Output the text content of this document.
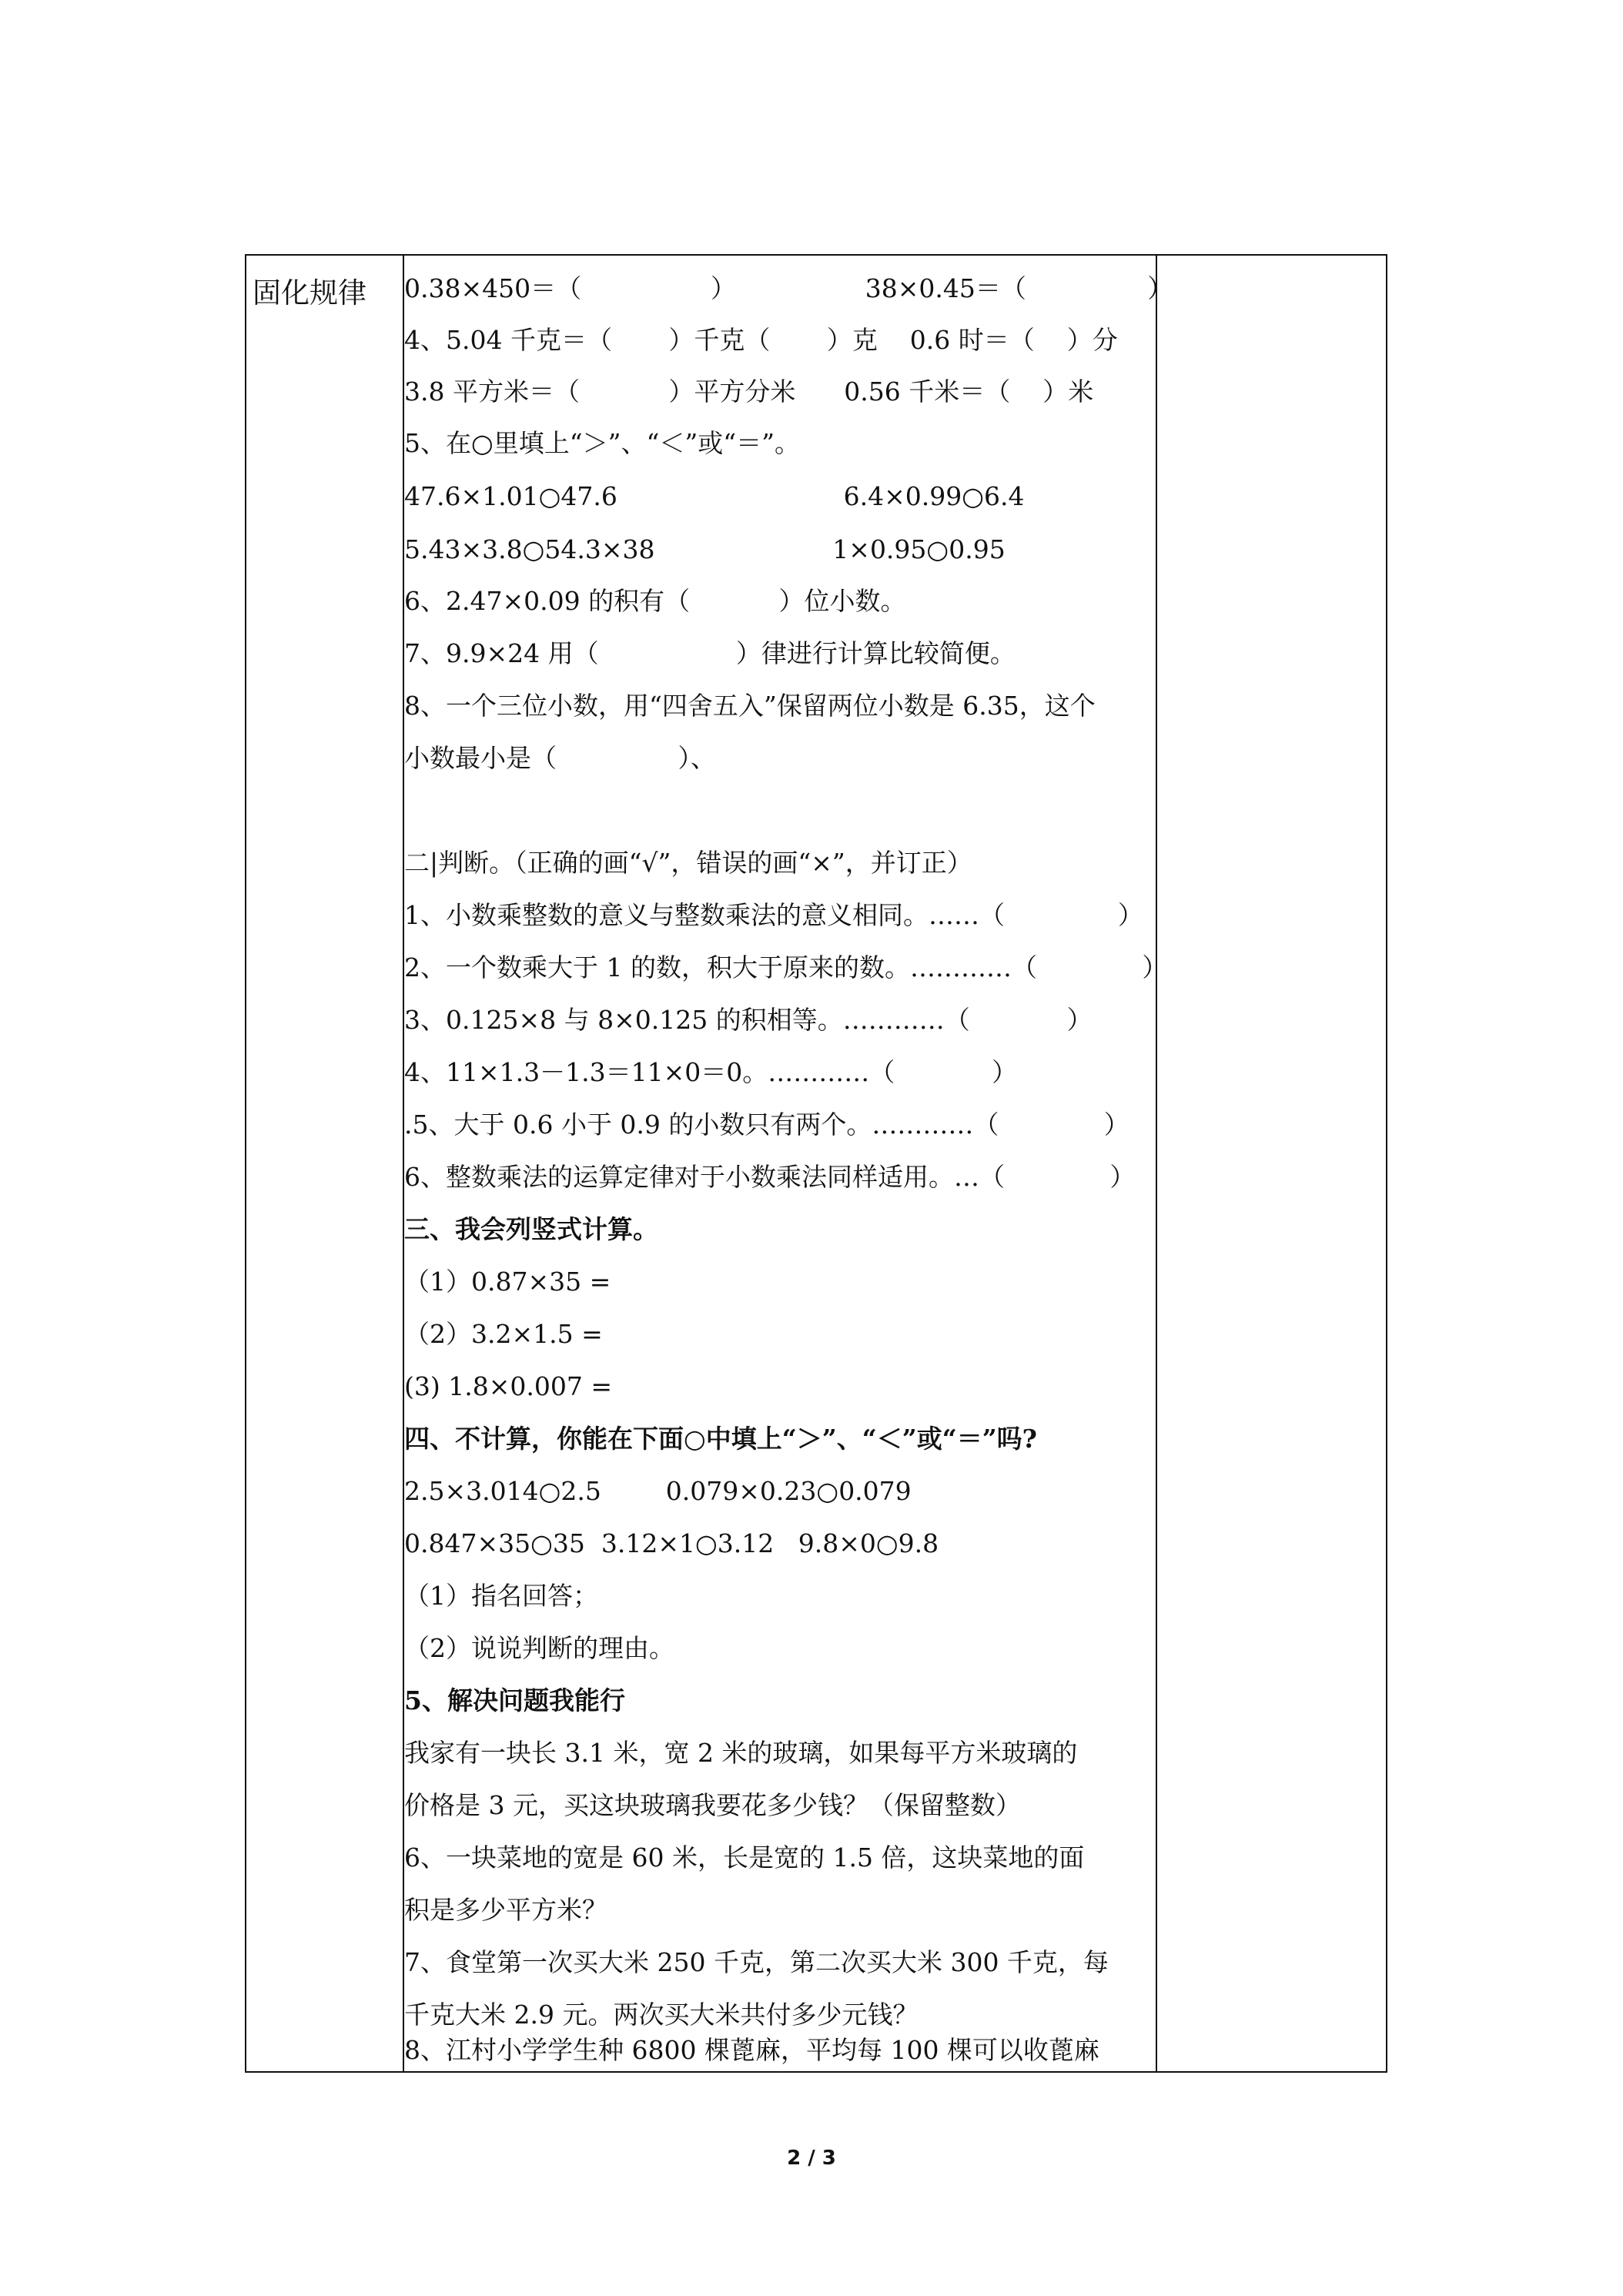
固化规律 0.38×450＝（                ）                38×0.45＝（               ）
4、5.04 千克＝（       ）千克（       ）克    0.6 时＝（    ）分
3.8 平方米＝（           ）平方分米      0.56 千米＝（    ）米
5、在○里填上“＞”、“＜”或“＝”。
47.6×1.01○47.6                            6.4×0.99○6.4
5.43×3.8○54.3×38                      1×0.95○0.95
6、2.47×0.09 的积有（           ）位小数。
7、9.9×24 用（                 ）律进行计算比较简便。
8、一个三位小数，用“四舍五入”保留两位小数是 6.35，这个
小数最小是（               ）、
二|判断。（正确的画“√”，错误的画“×”，并订正）
1、小数乘整数的意义与整数乘法的意义相同。……（              ）
2、一个数乘大于 1 的数，积大于原来的数。…………（             ）
3、0.125×8 与 8×0.125 的积相等。…………（            ）
4、11×1.3－1.3＝11×0＝0。…………（            ）
.5、大于 0.6 小于 0.9 的小数只有两个。…………（             ）
6、整数乘法的运算定律对于小数乘法同样适用。…（             ）
三、我会列竖式计算。
（1）0.87×35 =
（2）3.2×1.5 =
(3) 1.8×0.007 =
四、不计算，你能在下面○中填上“＞”、“＜”或“＝”吗?
2.5×3.014○2.5        0.079×0.23○0.079
0.847×35○35  3.12×1○3.12   9.8×0○9.8
（1）指名回答；
（2）说说判断的理由。
5、解决问题我能行
我家有一块长 3.1 米，宽 2 米的玻璃，如果每平方米玻璃的
价格是 3 元，买这块玻璃我要花多少钱？（保留整数）
6、一块菜地的宽是 60 米，长是宽的 1.5 倍，这块菜地的面
积是多少平方米？
7、食堂第一次买大米 250 千克，第二次买大米 300 千克，每
千克大米 2.9 元。两次买大米共付多少元钱？
8、江村小学学生种 6800 棵蓖麻，平均每 100 棵可以收蓖麻
2 / 3
